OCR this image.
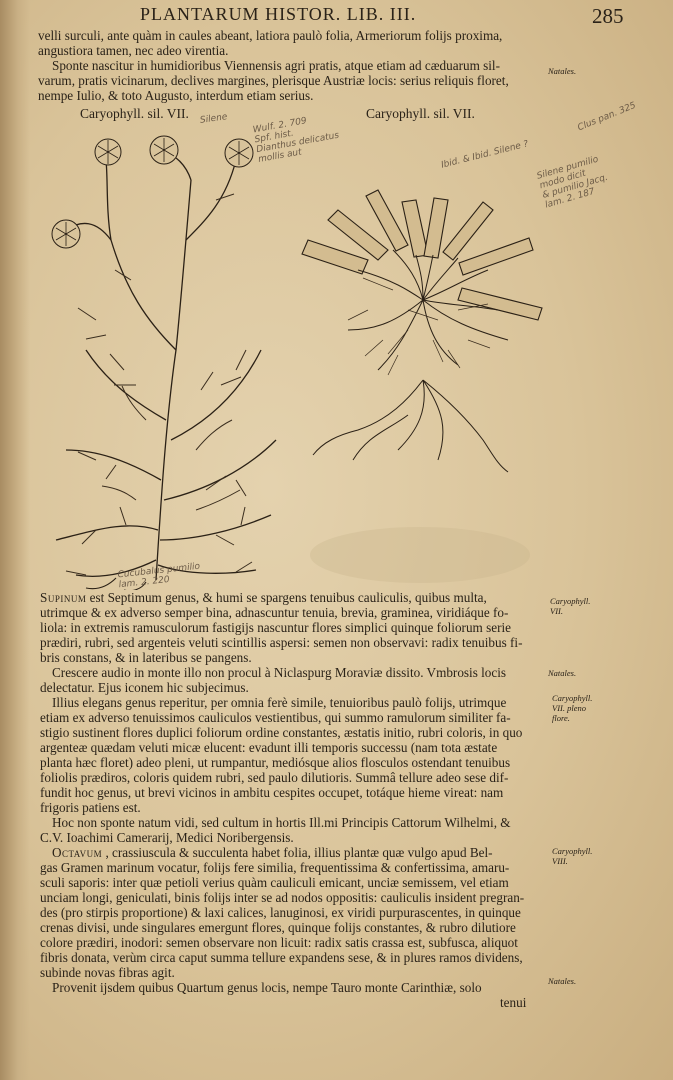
PLANTARUM HISTOR. LIB. III.	285
velli surculi, ante quàm in caules abeant, latiora paulò folia, Armeriorum folijs proxima,
angustiora tamen, nec adeo virentia.
Sponte nascitur in humidioribus Viennensis agri pratis, atque etiam ad cæduarum sil-
varum, pratis vicinarum, declives margines, plerisque Austriæ locis: serius reliquis floret,
nempe Iulio, & toto Augusto, interdum etiam serius.
Caryophyll. sil. VII.	Caryophyll. sil. VII.
Silene	Wulf. 2. 709
Spf. hist.
Dianthus delicatus
mollis aut	Ibid. & Ibid. Silene ?
Clus pan. 325
Silene pumilio
modo dicit
& pumilio Jacq.
lam. 2. 187
Cucubalus pumilio
lam. 2. 220
Supinum est Septimum genus, & humi se spargens tenuibus cauliculis, quibus multa,
utrimque & ex adverso semper bina, adnascuntur tenuia, brevia, graminea, viridiáque fo-
liola: in extremis ramusculorum fastigijs nascuntur flores simplici quinque foliorum serie
prædiri, rubri, sed argenteis veluti scintillis aspersi: semen non observavi: radix tenuibus fi-
bris constans, & in lateribus se pangens.
Crescere audio in monte illo non procul à Niclaspurg Moraviæ dissito. Vmbrosis locis
delectatur. Ejus iconem hic subjecimus.
Illius elegans genus reperitur, per omnia ferè simile, tenuioribus paulò folijs, utrimque
etiam ex adverso tenuissimos cauliculos vestientibus, qui summo ramulorum similiter fa-
stigio sustinent flores duplici foliorum ordine constantes, æstatis initio, rubri coloris, in quo
argenteæ quædam veluti micæ elucent: evadunt illi temporis successu (nam tota æstate
planta hæc floret) adeo pleni, ut rumpantur, mediósque alios flosculos ostendant tenuibus
foliolis prædiros, coloris quidem rubri, sed paulo dilutioris. Summâ tellure adeo sese dif-
fundit hoc genus, ut brevi vicinos in ambitu cespites occupet, totáque hieme vireat: nam
frigoris patiens est.
Hoc non sponte natum vidi, sed cultum in hortis Ill.mi Principis Cattorum Wilhelmi, &
C.V. Ioachimi Camerarij, Medici Noribergensis.
Octavum , crassiuscula & succulenta habet folia, illius plantæ quæ vulgo apud Bel-
gas Gramen marinum vocatur, folijs fere similia, frequentissima & confertissima, amaru-
sculi saporis: inter quæ petioli verius quàm cauliculi emicant, unciæ semissem, vel etiam
unciam longi, geniculati, binis folijs inter se ad nodos oppositis: cauliculis insident pregran-
des (pro stirpis proportione) & laxi calices, lanuginosi, ex viridi purpurascentes, in quinque
crenas divisi, unde singulares emergunt flores, quinque folijs constantes, & rubro dilutiore
colore prædiri, inodori: semen observare non licuit: radix satis crassa est, subfusca, aliquot
fibris donata, verùm circa caput summa tellure expandens sese, & in plures ramos dividens,
subinde novas fibras agit.
Provenit ijsdem quibus Quartum genus locis, nempe Tauro monte Carinthiæ, solo
tenui
Natales.
Caryophyll.
VII.
Natales.
Caryophyll.
VII. pleno
flore.
Caryophyll.
VIII.
Natales.
